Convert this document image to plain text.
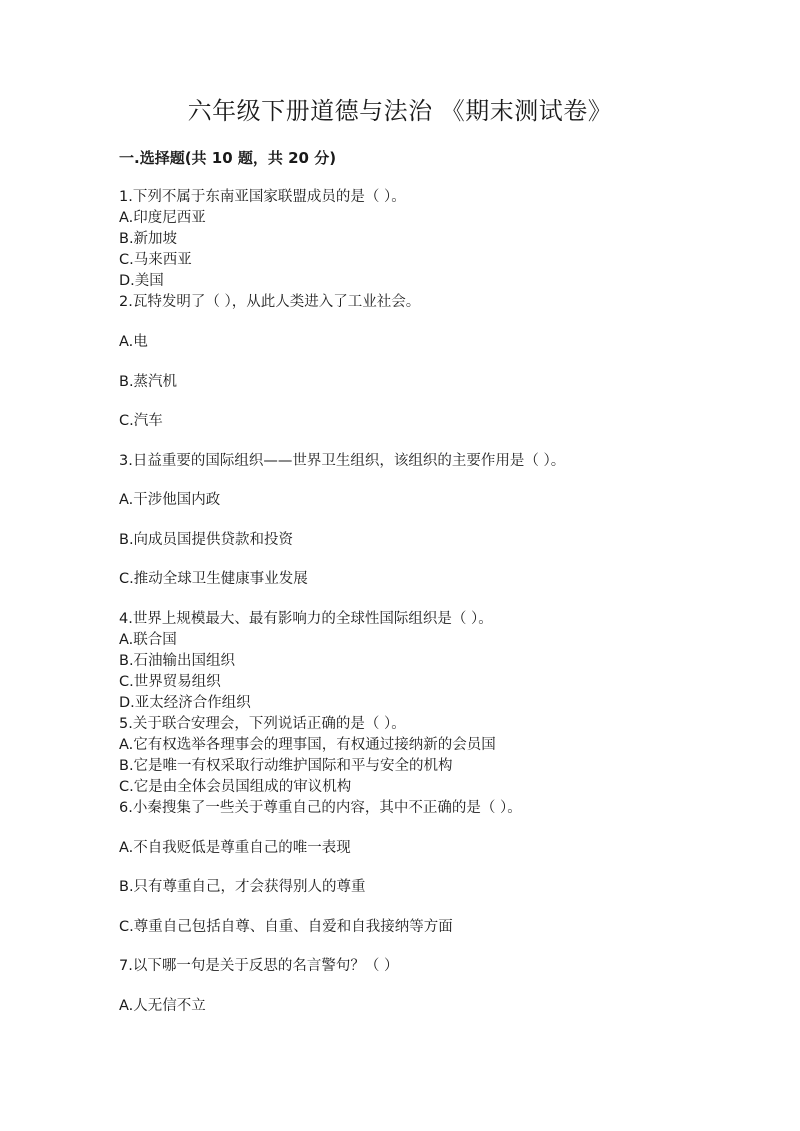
六年级下册道德与法治 《期末测试卷》
一.选择题(共 10 题，共 20 分)
1.下列不属于东南亚国家联盟成员的是（ ）。
A.印度尼西亚
B.新加坡
C.马来西亚
D.美国
2.瓦特发明了（ ），从此人类进入了工业社会。
A.电
B.蒸汽机
C.汽车
3.日益重要的国际组织——世界卫生组织，该组织的主要作用是（ ）。
A.干涉他国内政
B.向成员国提供贷款和投资
C.推动全球卫生健康事业发展
4.世界上规模最大、最有影响力的全球性国际组织是（ ）。
A.联合国
B.石油输出国组织
C.世界贸易组织
D.亚太经济合作组织
5.关于联合安理会，下列说话正确的是（ ）。
A.它有权选举各理事会的理事国，有权通过接纳新的会员国
B.它是唯一有权采取行动维护国际和平与安全的机构
C.它是由全体会员国组成的审议机构
6.小秦搜集了一些关于尊重自己的内容，其中不正确的是（ ）。
A.不自我贬低是尊重自己的唯一表现
B.只有尊重自己，才会获得别人的尊重
C.尊重自己包括自尊、自重、自爱和自我接纳等方面
7.以下哪一句是关于反思的名言警句？（ ）
A.人无信不立
